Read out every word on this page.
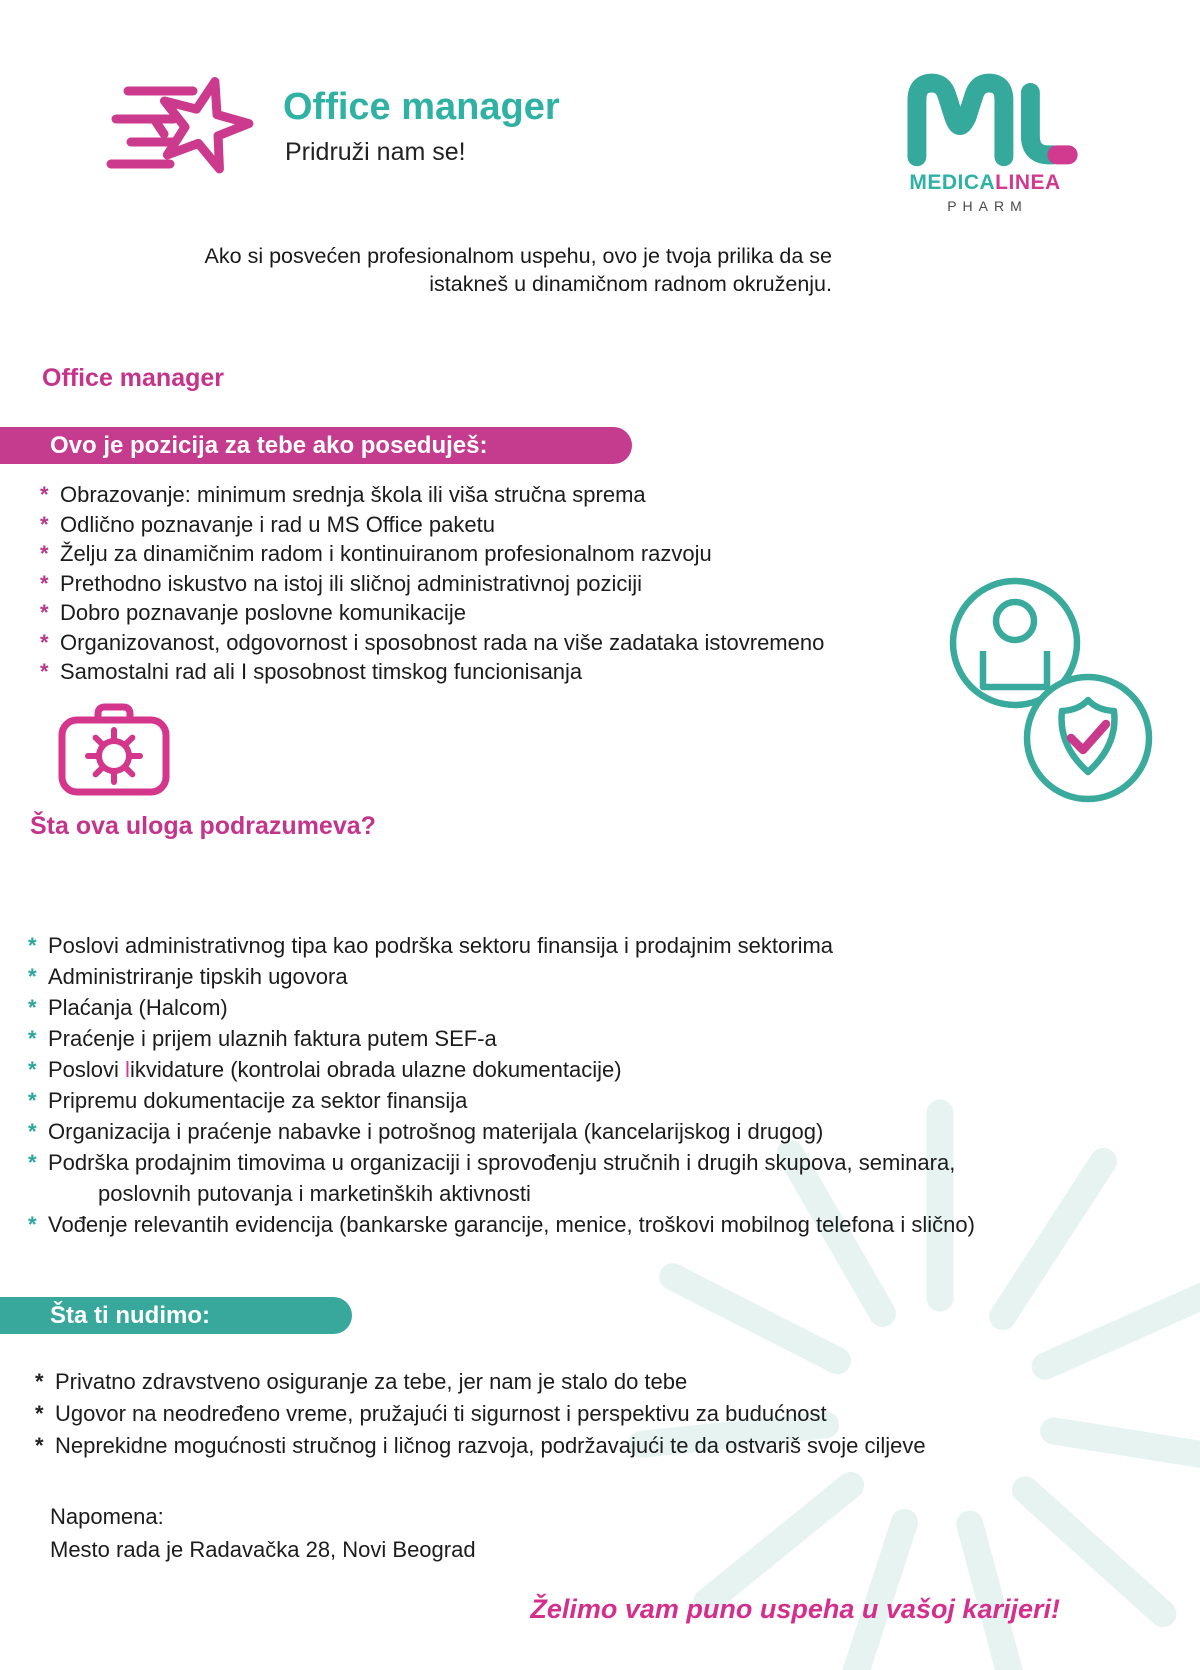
Office manager
Pridruži nam se!
MEDICALINEA
PHARM
Ako si posvećen profesionalnom uspehu, ovo je tvoja prilika da se
istakneš u dinamičnom radnom okruženju.
Office manager
Ovo je pozicija za tebe ako poseduješ:
* Obrazovanje: minimum srednja škola ili viša stručna sprema
* Odlično poznavanje i rad u MS Office paketu
* Želju za dinamičnim radom i kontinuiranom profesionalnom razvoju
* Prethodno iskustvo na istoj ili sličnoj administrativnoj poziciji
* Dobro poznavanje poslovne komunikacije
* Organizovanost, odgovornost i sposobnost rada na više zadataka istovremeno
* Samostalni rad ali I sposobnost timskog funcionisanja
Šta ova uloga podrazumeva?
* Poslovi administrativnog tipa kao podrška sektoru finansija i prodajnim sektorima
* Administriranje tipskih ugovora
* Plaćanja (Halcom)
* Praćenje i prijem ulaznih faktura putem SEF-a
* Poslovi likvidature (kontrolai obrada ulazne dokumentacije)
* Pripremu dokumentacije za sektor finansija
* Organizacija i praćenje nabavke i potrošnog materijala (kancelarijskog i drugog)
* Podrška prodajnim timovima u organizaciji i sprovođenju stručnih i drugih skupova, seminara,
poslovnih putovanja i marketinških aktivnosti
* Vođenje relevantih evidencija (bankarske garancije, menice, troškovi mobilnog telefona i slično)
Šta ti nudimo:
* Privatno zdravstveno osiguranje za tebe, jer nam je stalo do tebe
* Ugovor na neodređeno vreme, pružajući ti sigurnost i perspektivu za budućnost
* Neprekidne mogućnosti stručnog i ličnog razvoja, podržavajući te da ostvariš svoje ciljeve
Napomena:
Mesto rada je Radavačka 28, Novi Beograd
Želimo vam puno uspeha u vašoj karijeri!
